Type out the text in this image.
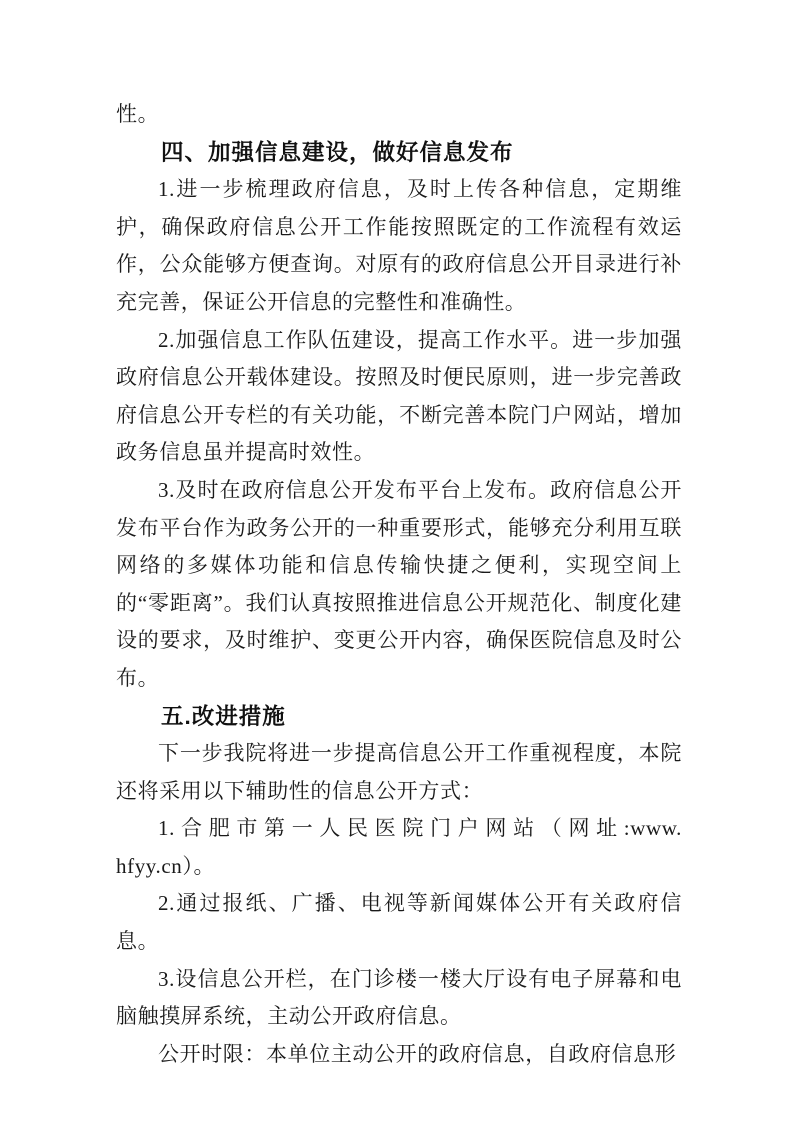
性。

四、加强信息建设，做好信息发布

1.进一步梳理政府信息，及时上传各种信息，定期维护，确保政府信息公开工作能按照既定的工作流程有效运作，公众能够方便查询。对原有的政府信息公开目录进行补充完善，保证公开信息的完整性和准确性。

2.加强信息工作队伍建设，提高工作水平。进一步加强政府信息公开载体建设。按照及时便民原则，进一步完善政府信息公开专栏的有关功能，不断完善本院门户网站，增加政务信息虽并提高时效性。

3.及时在政府信息公开发布平台上发布。政府信息公开发布平台作为政务公开的一种重要形式，能够充分利用互联网络的多媒体功能和信息传输快捷之便利，实现空间上的“零距离”。我们认真按照推进信息公开规范化、制度化建设的要求，及时维护、变更公开内容，确保医院信息及时公布。

五.改进措施

下一步我院将进一步提高信息公开工作重视程度，本院还将采用以下辅助性的信息公开方式：

1.合肥市第一人民医院门户网站（网址:www. hfyy.cn）。

2.通过报纸、广播、电视等新闻媒体公开有关政府信息。

3.设信息公开栏，在门诊楼一楼大厅设有电子屏幕和电脑触摸屏系统，主动公开政府信息。

公开时限：本单位主动公开的政府信息，自政府信息形
